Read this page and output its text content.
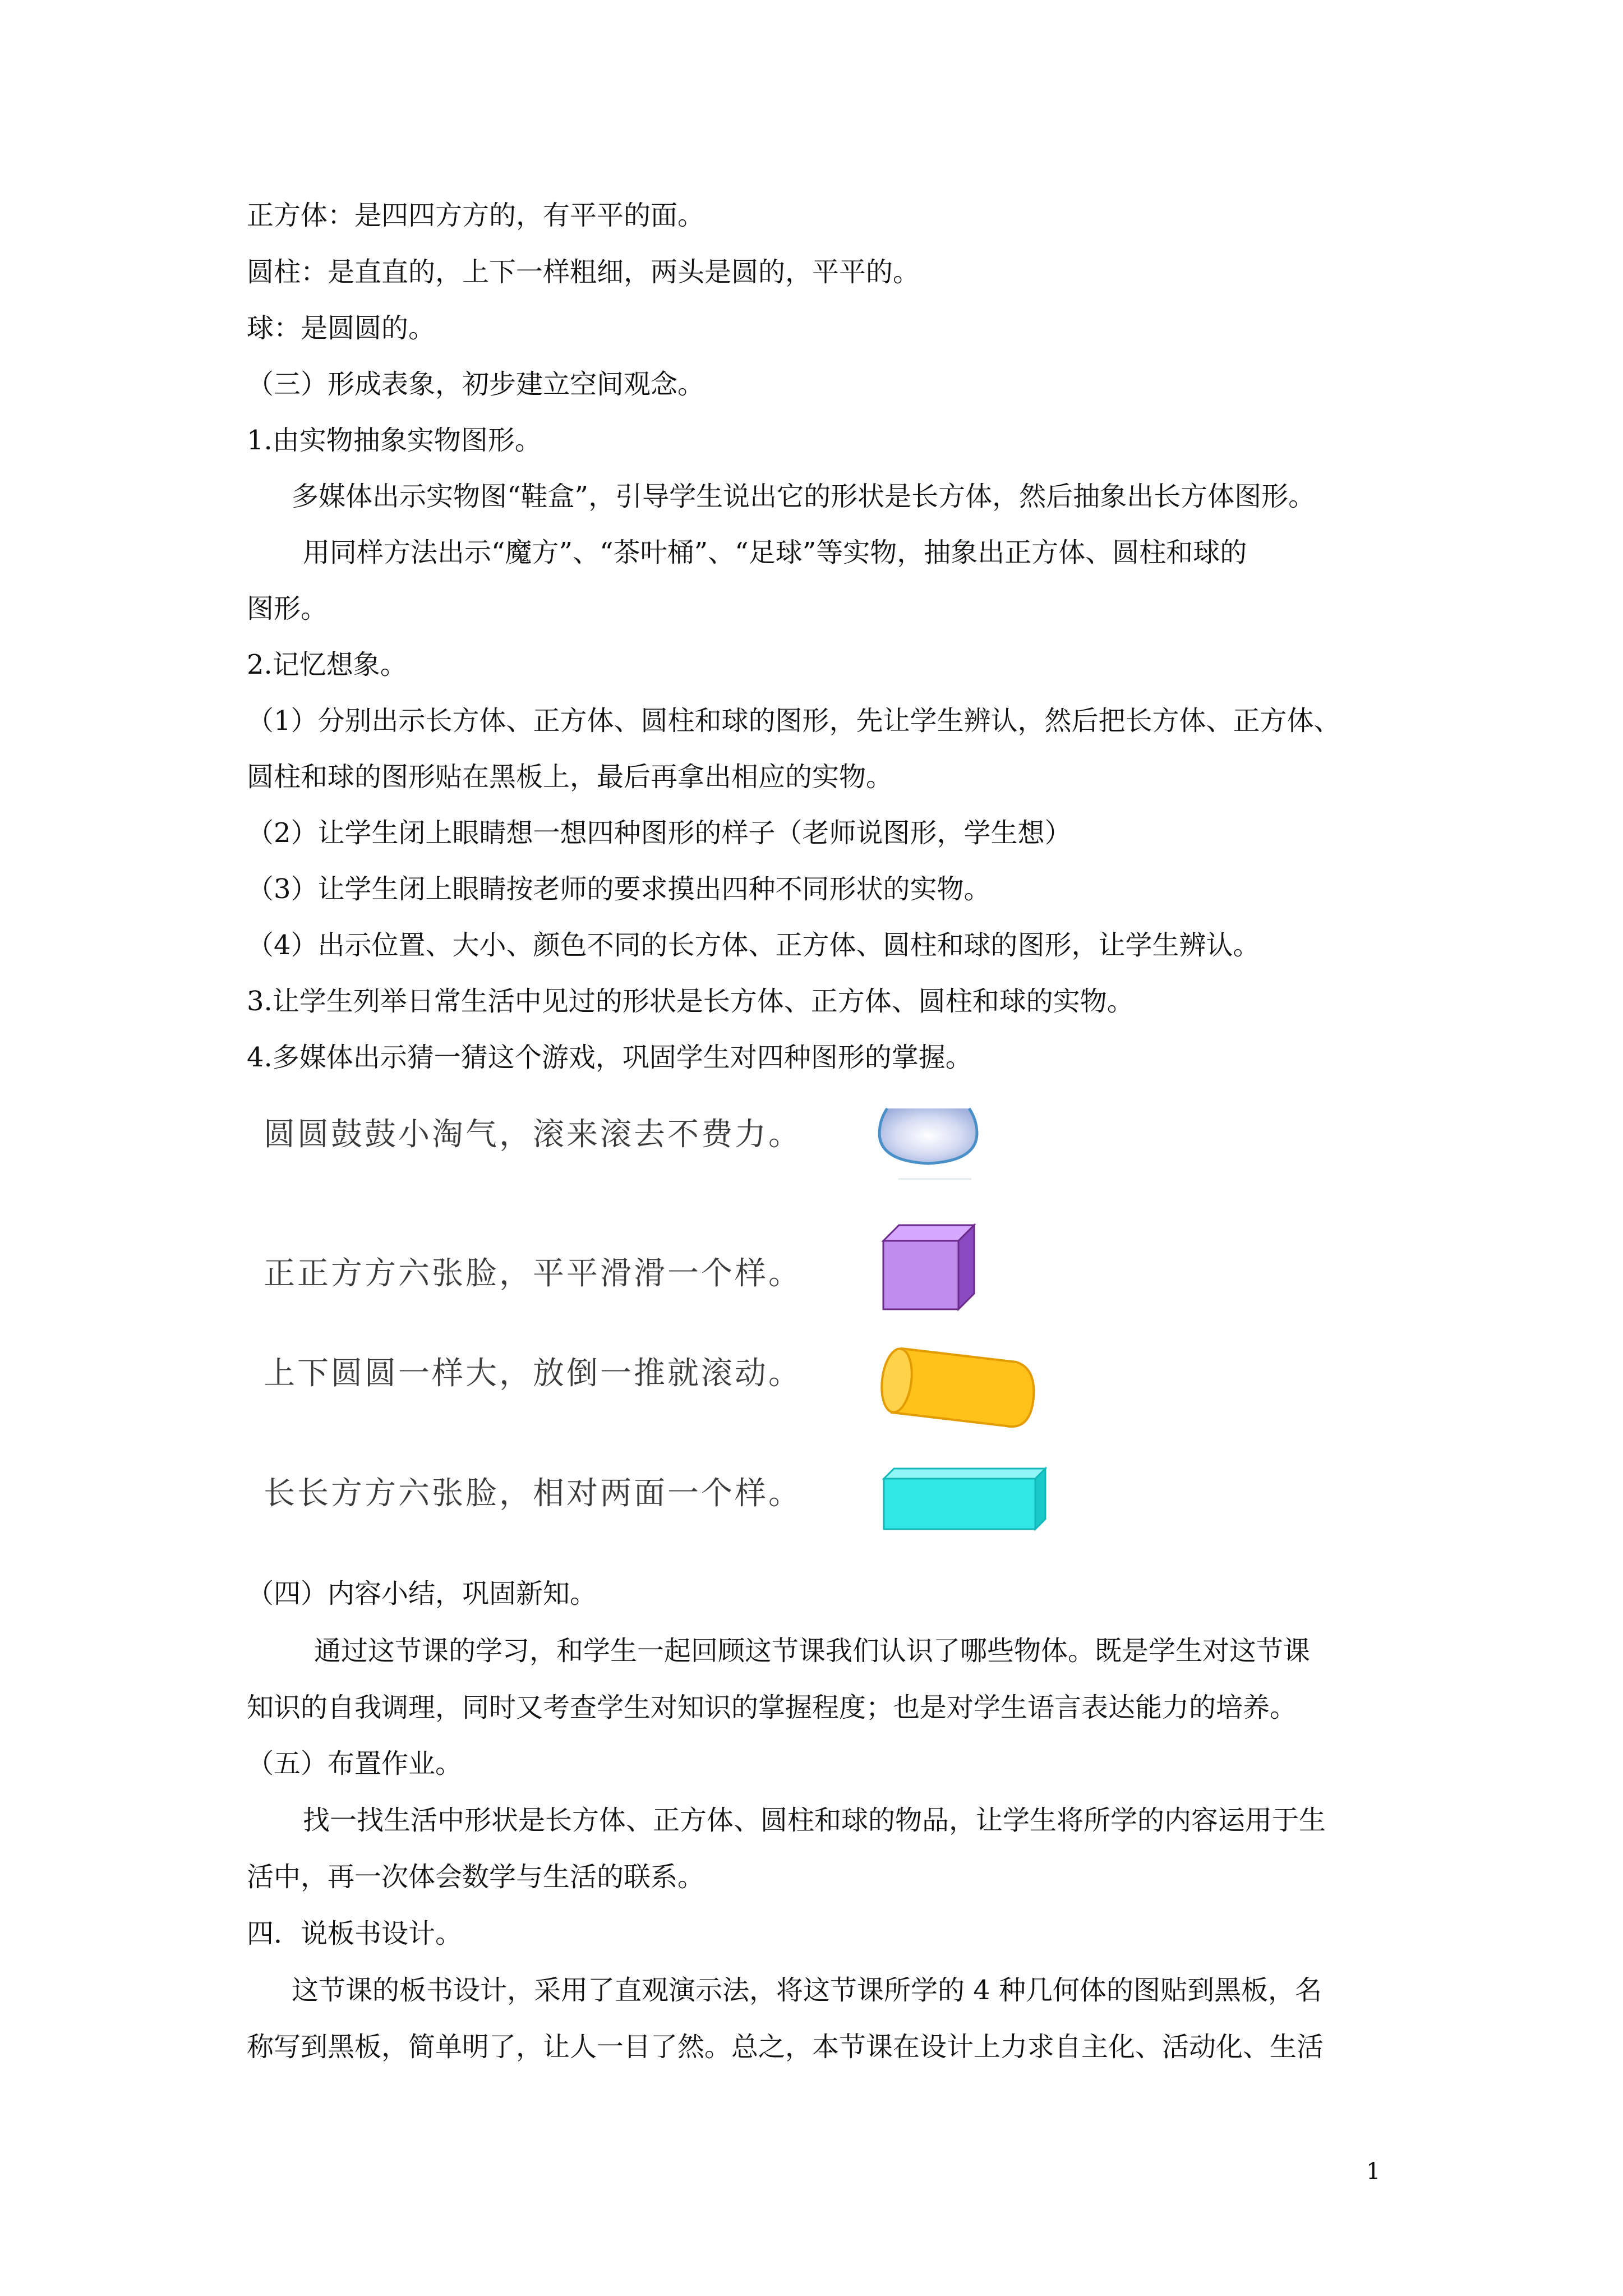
正方体：是四四方方的，有平平的面。
圆柱：是直直的，上下一样粗细，两头是圆的，平平的。
球：是圆圆的。
（三）形成表象，初步建立空间观念。
1.由实物抽象实物图形。
多媒体出示实物图“鞋盒”，引导学生说出它的形状是长方体，然后抽象出长方体图形。
用同样方法出示“魔方”、“茶叶桶”、“足球”等实物，抽象出正方体、圆柱和球的
图形。
2.记忆想象。
（1）分别出示长方体、正方体、圆柱和球的图形，先让学生辨认，然后把长方体、正方体、
圆柱和球的图形贴在黑板上，最后再拿出相应的实物。
（2）让学生闭上眼睛想一想四种图形的样子（老师说图形，学生想）
（3）让学生闭上眼睛按老师的要求摸出四种不同形状的实物。
（4）出示位置、大小、颜色不同的长方体、正方体、圆柱和球的图形，让学生辨认。
3.让学生列举日常生活中见过的形状是长方体、正方体、圆柱和球的实物。
4.多媒体出示猜一猜这个游戏，巩固学生对四种图形的掌握。
圆圆鼓鼓小淘气，滚来滚去不费力。
正正方方六张脸，平平滑滑一个样。
上下圆圆一样大，放倒一推就滚动。
长长方方六张脸，相对两面一个样。
（四）内容小结，巩固新知。
通过这节课的学习，和学生一起回顾这节课我们认识了哪些物体。既是学生对这节课
知识的自我调理，同时又考查学生对知识的掌握程度；也是对学生语言表达能力的培养。
（五）布置作业。
找一找生活中形状是长方体、正方体、圆柱和球的物品，让学生将所学的内容运用于生
活中，再一次体会数学与生活的联系。
四．说板书设计。
这节课的板书设计，采用了直观演示法，将这节课所学的 4 种几何体的图贴到黑板，名
称写到黑板，简单明了，让人一目了然。总之，本节课在设计上力求自主化、活动化、生活
1
